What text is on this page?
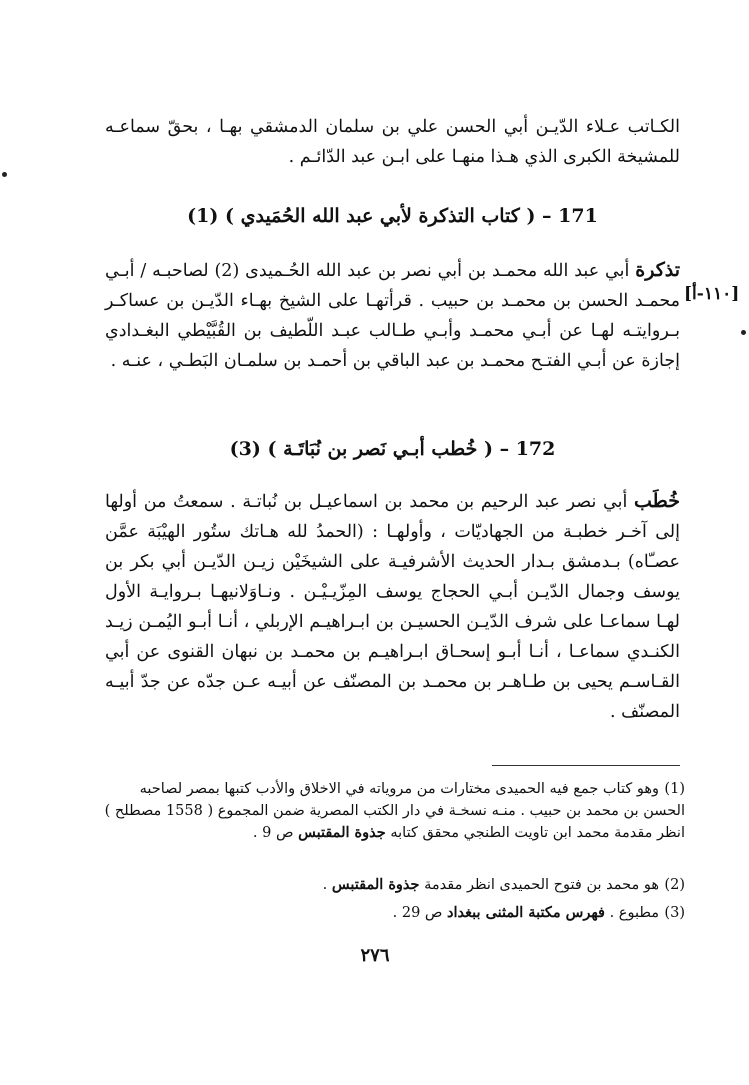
الكـاتب عـلاء الدّيـن أبي الحسن علي بن سلمان الدمشقي بهـا ، بحقّ سماعـه للمشيخة الكبرى الذي هـذا منهـا على ابـن عبد الدّائـم .
171 – ( كتاب التذكرة لأبي عبد الله الحُمَيدي ) (1)
تذكرة أبي عبد الله محمـد بن أبي نصر بن عبد الله الحُـميدى (2) لصاحبـه / أبـي محمـد الحسن بن محمـد بن حبيب . قرأتهـا على الشيخ بهـاء الدّيـن بن عساكـر بـروايتـه لهـا عن أبـي محمـد وأبـي طـالب عبـد اللّطيف بن القُبَّيْطي البغـدادي إجازة عن أبـي الفتـح محمـد بن عبد الباقي بن أحمـد بن سلمـان البَطـي ، عنـه .
[١١٠-أ]
172 – ( خُطب أبـي نَصر بن نُبَاتَـة ) (3)
خُطَب أبي نصر عبد الرحيم بن محمد بن اسماعيـل بن نُباتـة . سمعتُ من أولها إلى آخـر خطبـة من الجهاديّات ، وأولهـا : (الحمدُ لله هـاتك ستُور الهيْبَة عمَّن عصـّاه) بـدمشق بـدار الحديث الأشرفيـة على الشيخَيْن زيـن الدّيـن أبي بكر بن يوسف وجمال الدّيـن أبـي الحجاج يوسف المِزّيـيْـن . ونـاوَلانيهـا بـروايـة الأول لهـا سماعـا على شرف الدّيـن الحسيـن بن ابـراهيـم الإربلي ، أنـا أبـو اليُمـن زيـد الكنـدي سماعـا ، أنـا أبـو إسحـاق ابـراهيـم بن محمـد بن نبهان القنوى عن أبي القـاسـم يحيى بن طـاهـر بن محمـد بن المصنّف عن أبيـه عـن جدّه عن جدّ أبيـه المصنّف .
(1)وهو كتاب جمع فيه الحميدى مختارات من مروياته في الاخلاق والأدب كتبها بمصر لصاحبه الحسن بن محمد بن حبيب . منـه نسخـة في دار الكتب المصرية ضمن المجموع ( 1558 مصطلح ) انظر مقدمة محمد ابن تاويت الطنجي محقق كتابه جذوة المقتبس ص 9 .
(2)هو محمد بن فتوح الحميدى انظر مقدمة جذوة المقتبس .
(3)مطبوع . فهرس مكتبة المثنى ببغداد ص 29 .
٢٧٦
